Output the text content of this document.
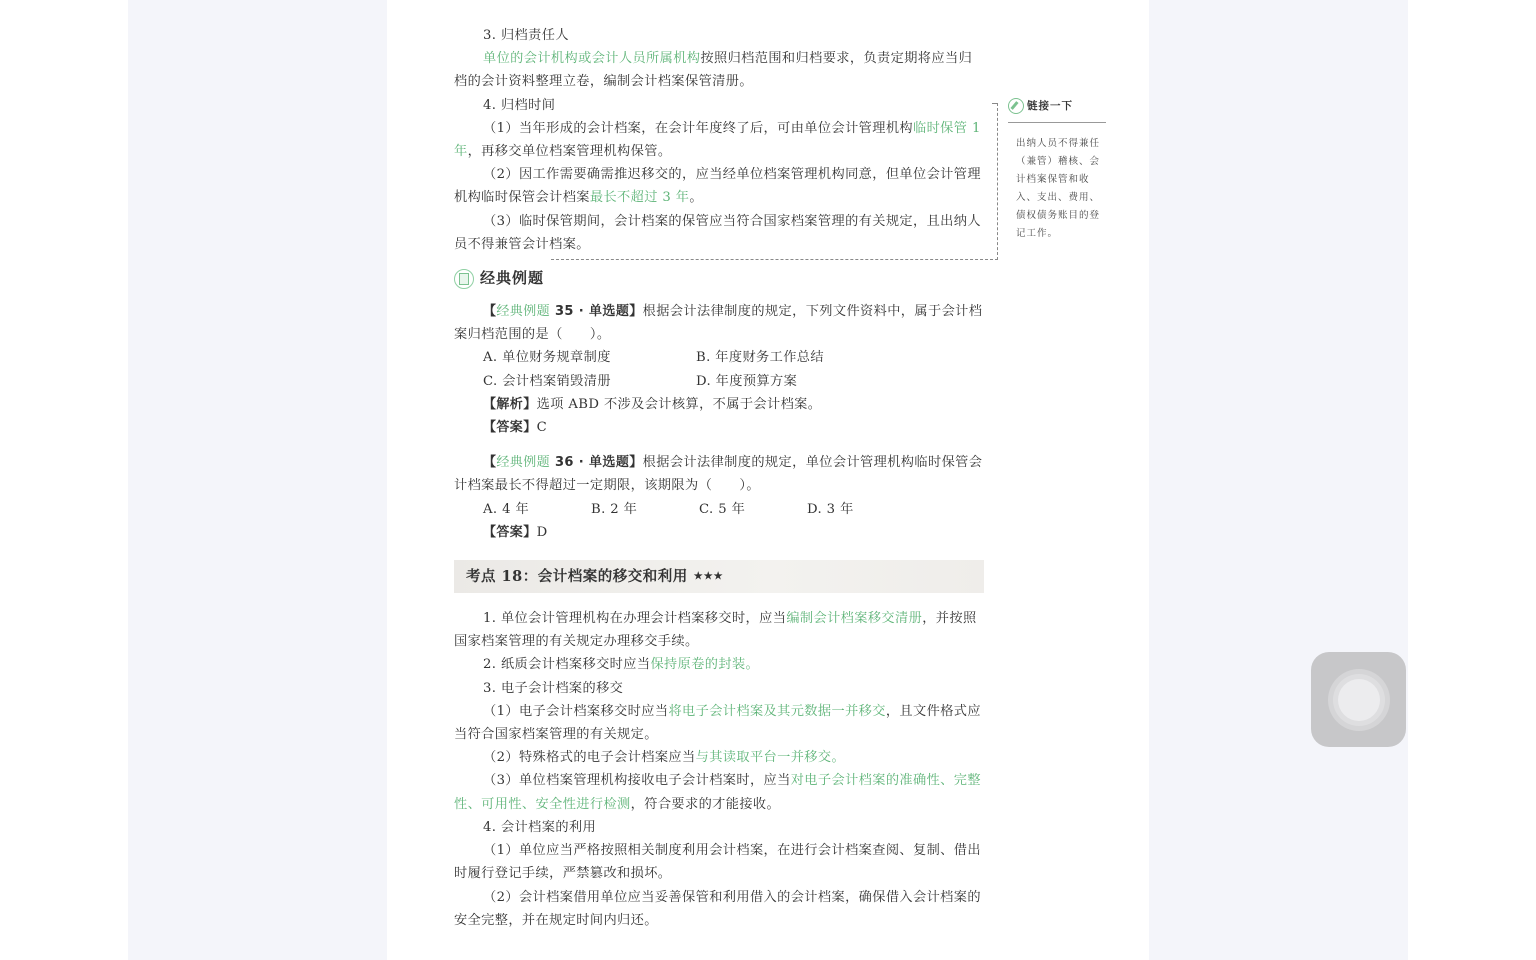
链接一下
出纳人员不得兼任（兼管）稽核、会计档案保管和收入、支出、费用、债权债务账目的登记工作。

3. 归档责任人

单位的会计机构或会计人员所属机构按照归档范围和归档要求，负责定期将应当归档的会计资料整理立卷，编制会计档案保管清册。

4. 归档时间

（1）当年形成的会计档案，在会计年度终了后，可由单位会计管理机构临时保管 1 年，再移交单位档案管理机构保管。

（2）因工作需要确需推迟移交的，应当经单位档案管理机构同意，但单位会计管理机构临时保管会计档案最长不超过 3 年。

（3）临时保管期间，会计档案的保管应当符合国家档案管理的有关规定，且出纳人员不得兼管会计档案。

经典例题

【经典例题 35 · 单选题】根据会计法律制度的规定，下列文件资料中，属于会计档案归档范围的是（　　）。

A. 单位财务规章制度	B. 年度财务工作总结
C. 会计档案销毁清册	D. 年度预算方案

【解析】选项 ABD 不涉及会计核算，不属于会计档案。

【答案】C

【经典例题 36 · 单选题】根据会计法律制度的规定，单位会计管理机构临时保管会计档案最长不得超过一定期限，该期限为（　　）。

A. 4 年	B. 2 年	C. 5 年	D. 3 年

【答案】D

考点 18：会计档案的移交和利用 ★★★

1. 单位会计管理机构在办理会计档案移交时，应当编制会计档案移交清册，并按照国家档案管理的有关规定办理移交手续。

2. 纸质会计档案移交时应当保持原卷的封装。

3. 电子会计档案的移交

（1）电子会计档案移交时应当将电子会计档案及其元数据一并移交，且文件格式应当符合国家档案管理的有关规定。

（2）特殊格式的电子会计档案应当与其读取平台一并移交。

（3）单位档案管理机构接收电子会计档案时，应当对电子会计档案的准确性、完整性、可用性、安全性进行检测，符合要求的才能接收。

4. 会计档案的利用

（1）单位应当严格按照相关制度利用会计档案，在进行会计档案查阅、复制、借出时履行登记手续，严禁篡改和损坏。

（2）会计档案借用单位应当妥善保管和利用借入的会计档案，确保借入会计档案的安全完整，并在规定时间内归还。
